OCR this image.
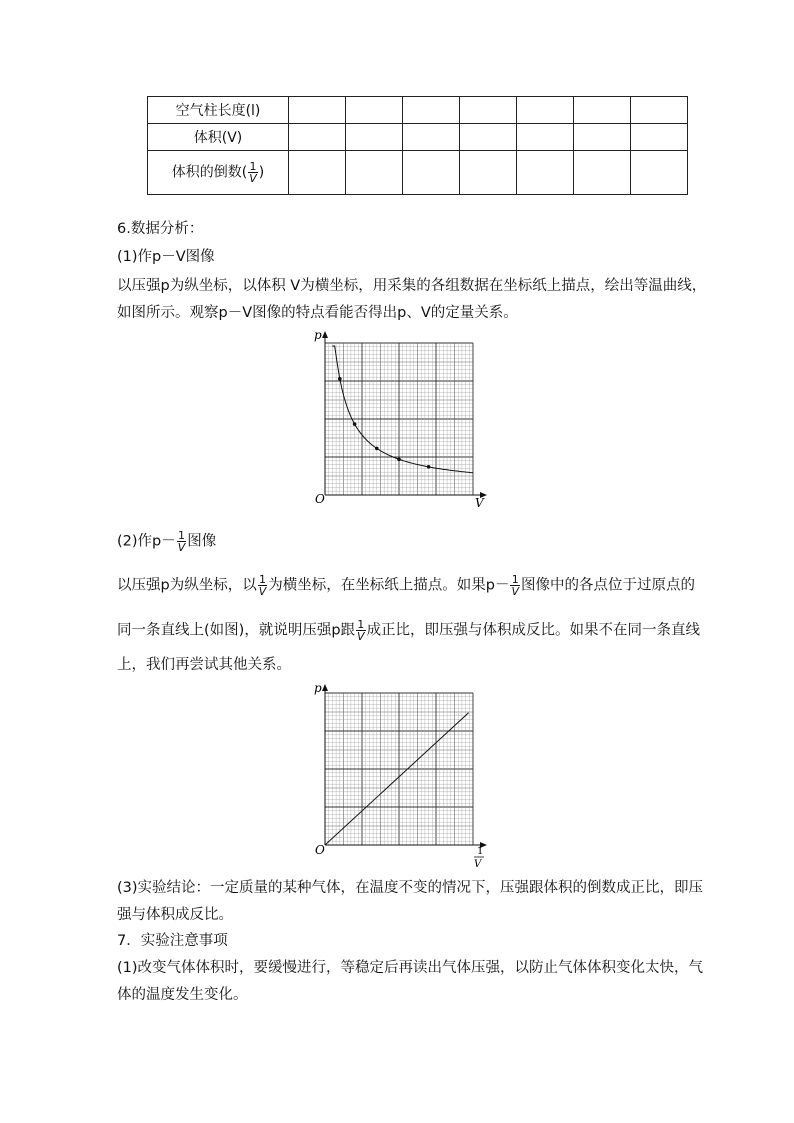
空气柱长度(l)							
体积(V)							
体积的倒数( $\frac{1}{V}$ )							
6.数据分析：
(1)作p－V图像
以压强p为纵坐标，以体积 V为横坐标，用采集的各组数据在坐标纸上描点，绘出等温曲线，
如图所示。观察p－V图像的特点看能否得出p、V的定量关系。
p
O	V
(2)作$p- \frac{1}{V}$ 图像
以压强p为纵坐标，以 $\frac{1}{V}$ 为横坐标，在坐标纸上描点。如果$p- \frac{1}{V}$ 图像中的各点位于过原点的
同一条直线上(如图)，就说明压强p跟 $\frac{1}{V}$ 成正比，即压强与体积成反比。如果不在同一条直线
上，我们再尝试其他关系。
p
O	1
V
(3)实验结论：一定质量的某种气体，在温度不变的情况下，压强跟体积的倒数成正比，即压
强与体积成反比。
7．实验注意事项
(1)改变气体体积时，要缓慢进行，等稳定后再读出气体压强，以防止气体体积变化太快，气
体的温度发生变化。
